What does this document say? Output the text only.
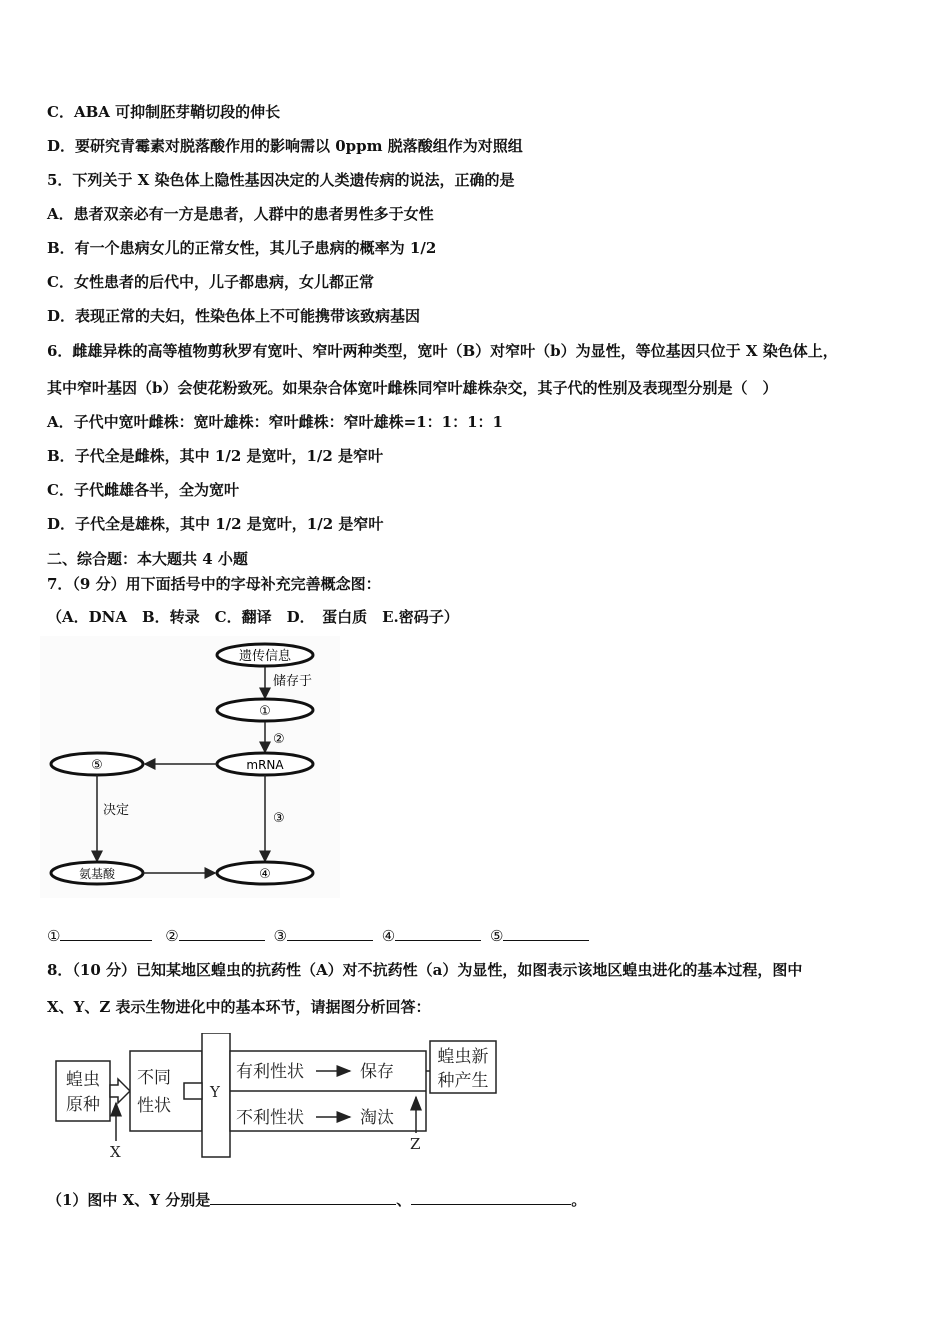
C．ABA 可抑制胚芽鞘切段的伸长
D．要研究青霉素对脱落酸作用的影响需以 0ppm 脱落酸组作为对照组
5．下列关于 X 染色体上隐性基因决定的人类遗传病的说法，正确的是
A．患者双亲必有一方是患者，人群中的患者男性多于女性
B．有一个患病女儿的正常女性，其儿子患病的概率为 1/2
C．女性患者的后代中，儿子都患病，女儿都正常
D．表现正常的夫妇，性染色体上不可能携带该致病基因
6．雌雄异株的高等植物剪秋罗有宽叶、窄叶两种类型，宽叶（B）对窄叶（b）为显性，等位基因只位于 X 染色体上，
其中窄叶基因（b）会使花粉致死。如果杂合体宽叶雌株同窄叶雄株杂交，其子代的性别及表现型分别是（　）
A．子代中宽叶雌株：宽叶雄株：窄叶雌株：窄叶雄株=1：1：1：1
B．子代全是雌株，其中 1/2 是宽叶，1/2 是窄叶
C．子代雌雄各半，全为宽叶
D．子代全是雄株，其中 1/2 是宽叶，1/2 是窄叶
二、综合题：本大题共 4 小题
7．（9 分）用下面括号中的字母补充完善概念图：
（A．DNA　B．转录　C．翻译　D．　蛋白质　E.密码子）
遗传信息
储存于
①
②
mRNA
⑤
决定
③
氨基酸	④
①	②	③	④	⑤
8．（10 分）已知某地区蝗虫的抗药性（A）对不抗药性（a）为显性，如图表示该地区蝗虫进化的基本过程，图中
X、Y、Z 表示生物进化中的基本环节，请据图分析回答：
蝗虫
原种
X
不同
性状
Y
有利性状	保存
不利性状	淘汰
蝗虫新
种产生
Z
（1）图中 X、Y 分别是	、	。
